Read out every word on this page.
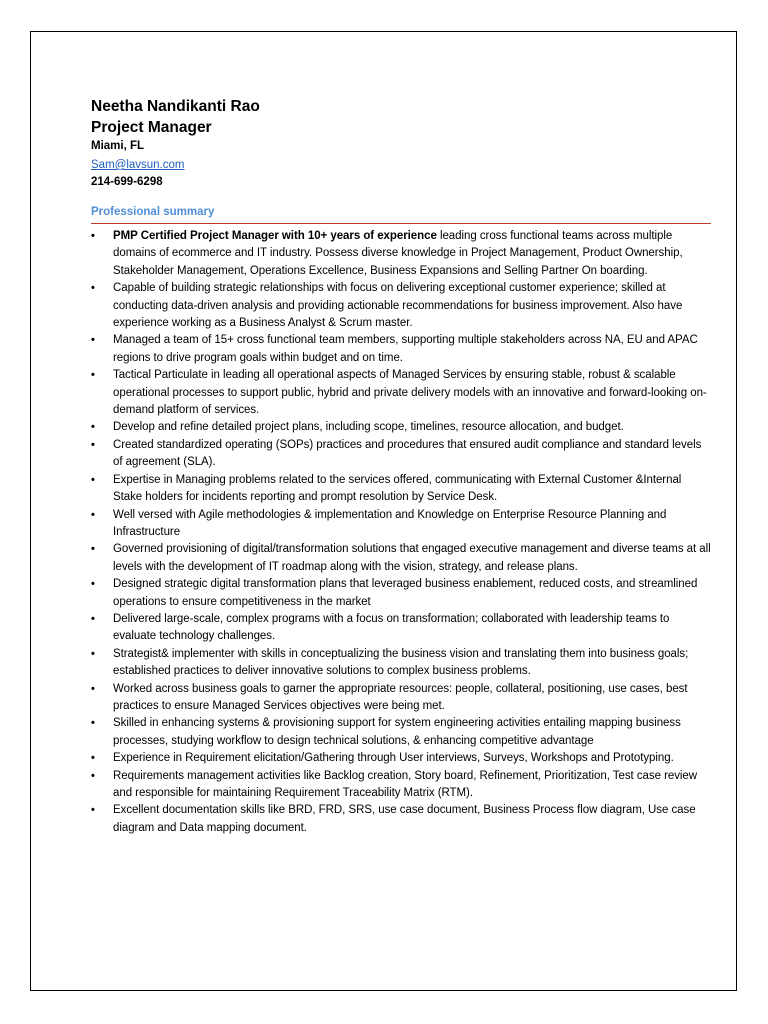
Neetha Nandikanti Rao
Project Manager
Miami, FL
Sam@lavsun.com
214-699-6298
Professional summary
• PMP Certified Project Manager with 10+ years of experience leading cross functional teams across multiple domains of ecommerce and IT industry. Possess diverse knowledge in Project Management, Product Ownership, Stakeholder Management, Operations Excellence, Business Expansions and Selling Partner On boarding.
• Capable of building strategic relationships with focus on delivering exceptional customer experience; skilled at conducting data-driven analysis and providing actionable recommendations for business improvement. Also have experience working as a Business Analyst & Scrum master.
• Managed a team of 15+ cross functional team members, supporting multiple stakeholders across NA, EU and APAC regions to drive program goals within budget and on time.
• Tactical Particulate in leading all operational aspects of Managed Services by ensuring stable, robust & scalable operational processes to support public, hybrid and private delivery models with an innovative and forward-looking on-demand platform of services.
• Develop and refine detailed project plans, including scope, timelines, resource allocation, and budget.
• Created standardized operating (SOPs) practices and procedures that ensured audit compliance and standard levels of agreement (SLA).
• Expertise in Managing problems related to the services offered, communicating with External Customer &Internal Stake holders for incidents reporting and prompt resolution by Service Desk.
• Well versed with Agile methodologies & implementation and Knowledge on Enterprise Resource Planning and Infrastructure
• Governed provisioning of digital/transformation solutions that engaged executive management and diverse teams at all levels with the development of IT roadmap along with the vision, strategy, and release plans.
• Designed strategic digital transformation plans that leveraged business enablement, reduced costs, and streamlined operations to ensure competitiveness in the market
• Delivered large-scale, complex programs with a focus on transformation; collaborated with leadership teams to evaluate technology challenges.
• Strategist& implementer with skills in conceptualizing the business vision and translating them into business goals; established practices to deliver innovative solutions to complex business problems.
• Worked across business goals to garner the appropriate resources: people, collateral, positioning, use cases, best practices to ensure Managed Services objectives were being met.
• Skilled in enhancing systems & provisioning support for system engineering activities entailing mapping business processes, studying workflow to design technical solutions, & enhancing competitive advantage
• Experience in Requirement elicitation/Gathering through User interviews, Surveys, Workshops and Prototyping.
• Requirements management activities like Backlog creation, Story board, Refinement, Prioritization, Test case review and responsible for maintaining Requirement Traceability Matrix (RTM).
• Excellent documentation skills like BRD, FRD, SRS, use case document, Business Process flow diagram, Use case diagram and Data mapping document.
